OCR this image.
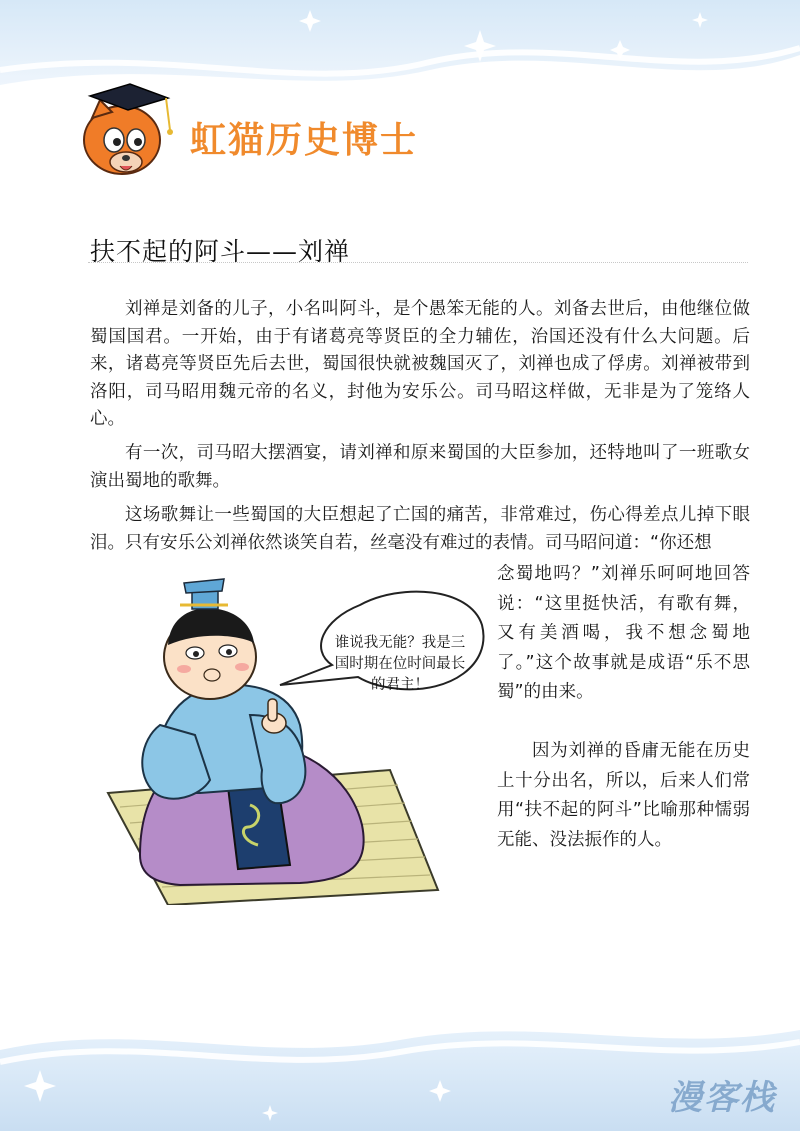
虹猫历史博士
扶不起的阿斗——刘禅

刘禅是刘备的儿子，小名叫阿斗，是个愚笨无能的人。刘备去世后，由他继位做蜀国国君。一开始，由于有诸葛亮等贤臣的全力辅佐，治国还没有什么大问题。后来，诸葛亮等贤臣先后去世，蜀国很快就被魏国灭了，刘禅也成了俘虏。刘禅被带到洛阳，司马昭用魏元帝的名义，封他为安乐公。司马昭这样做，无非是为了笼络人心。

有一次，司马昭大摆酒宴，请刘禅和原来蜀国的大臣参加，还特地叫了一班歌女演出蜀地的歌舞。

这场歌舞让一些蜀国的大臣想起了亡国的痛苦，非常难过，伤心得差点儿掉下眼泪。只有安乐公刘禅依然谈笑自若，丝毫没有难过的表情。司马昭问道：“你还想

念蜀地吗？”刘禅乐呵呵地回答说：“这里挺快活，有歌有舞，又有美酒喝，我不想念蜀地了。”这个故事就是成语“乐不思蜀”的由来。

因为刘禅的昏庸无能在历史上十分出名，所以，后来人们常用“扶不起的阿斗”比喻那种懦弱无能、没法振作的人。

谁说我无能？我是三国时期在位时间最长的君主！
漫客栈
